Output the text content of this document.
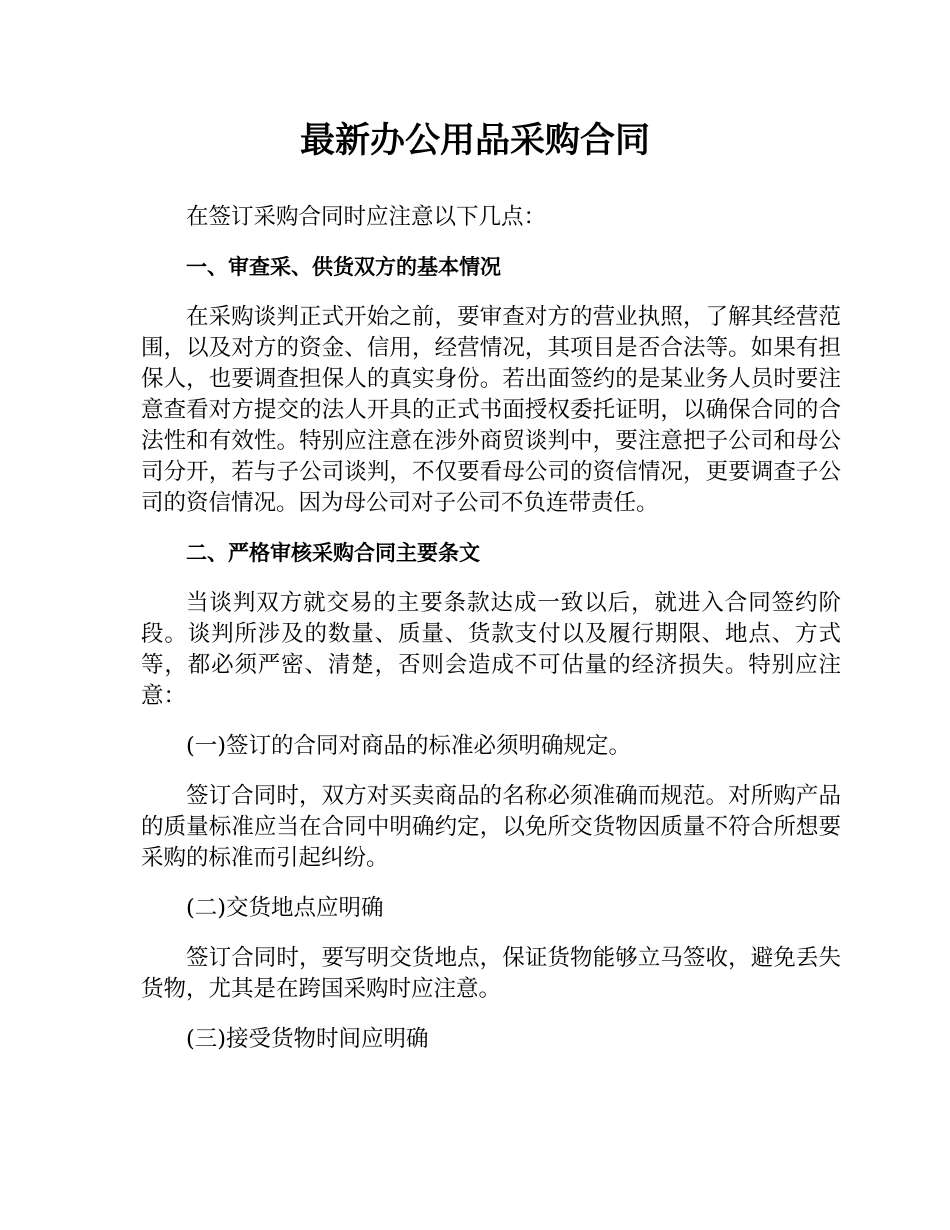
最新办公用品采购合同

在签订采购合同时应注意以下几点：

一、审查采、供货双方的基本情况

在采购谈判正式开始之前，要审查对方的营业执照，了解其经营范围，以及对方的资金、信用，经营情况，其项目是否合法等。如果有担保人，也要调查担保人的真实身份。若出面签约的是某业务人员时要注意查看对方提交的法人开具的正式书面授权委托证明，以确保合同的合法性和有效性。特别应注意在涉外商贸谈判中，要注意把子公司和母公司分开，若与子公司谈判，不仅要看母公司的资信情况，更要调查子公司的资信情况。因为母公司对子公司不负连带责任。

二、严格审核采购合同主要条文

当谈判双方就交易的主要条款达成一致以后，就进入合同签约阶段。谈判所涉及的数量、质量、货款支付以及履行期限、地点、方式等，都必须严密、清楚，否则会造成不可估量的经济损失。特别应注意：

(一)签订的合同对商品的标准必须明确规定。

签订合同时，双方对买卖商品的名称必须准确而规范。对所购产品的质量标准应当在合同中明确约定，以免所交货物因质量不符合所想要采购的标准而引起纠纷。

(二)交货地点应明确

签订合同时，要写明交货地点，保证货物能够立马签收，避免丢失货物，尤其是在跨国采购时应注意。

(三)接受货物时间应明确
